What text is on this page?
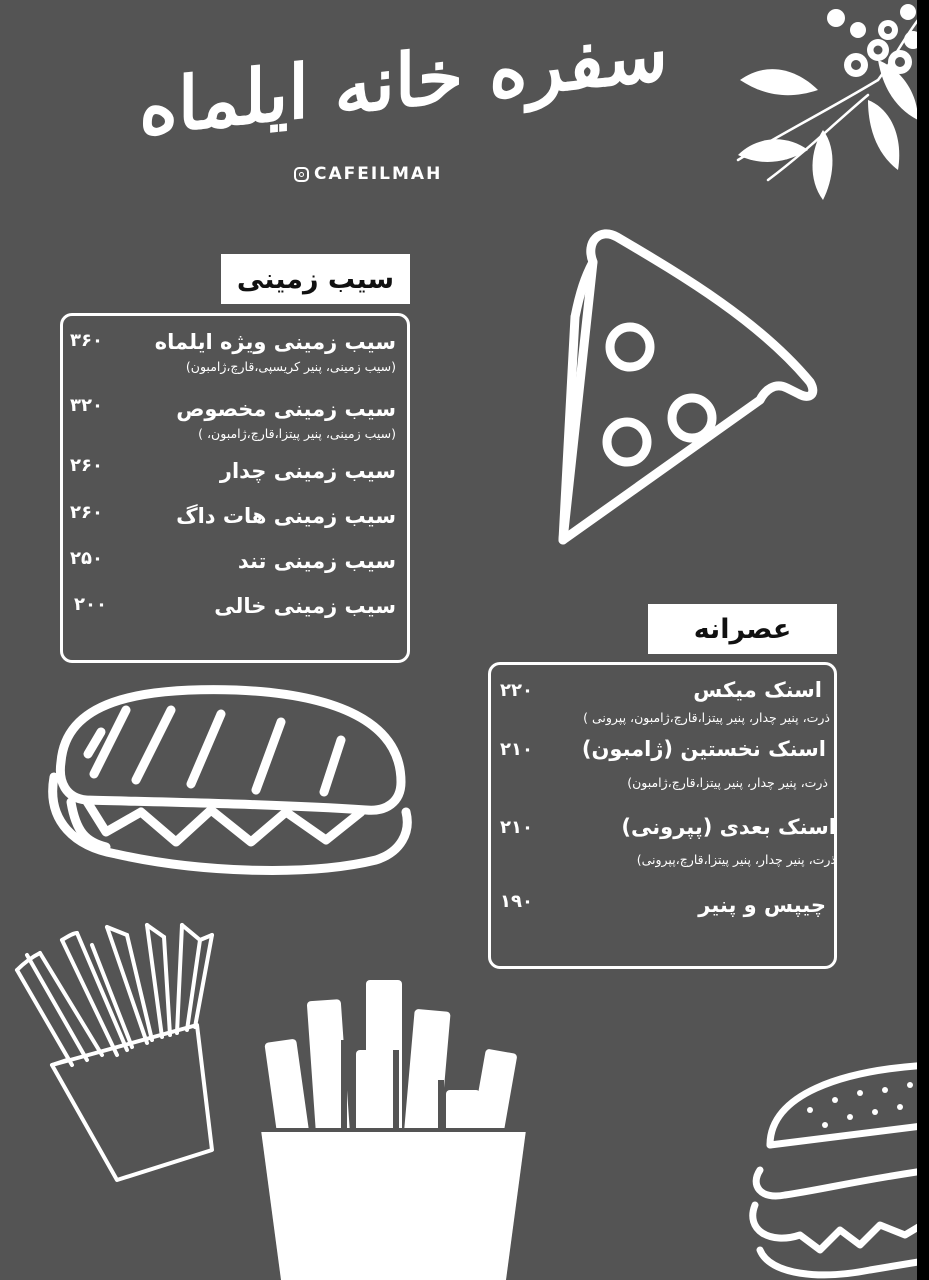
سفره خانه ایلماه
CAFEILMAH
سیب زمینی
سیب زمینی ویژه ایلماه
(سیب زمینی، پنیر کریسپی،قارچ،ژامبون)
۳۶۰
سیب زمینی مخصوص
(سیب زمینی، پنیر پیتزا،قارچ،ژامبون، )
۳۲۰
سیب زمینی چدار
۲۶۰
سیب زمینی هات داگ
۲۶۰
سیب زمینی تند
۲۵۰
سیب زمینی خالی
۲۰۰
عصرانه
اسنک میکس
ذرت، پنیر چدار، پنیر پیتزا،قارچ،ژامبون، پپرونی )
۲۲۰
اسنک نخستین (ژامبون)
ذرت، پنیر چدار، پنیر پیتزا،قارچ،ژامبون)
۲۱۰
اسنک بعدی (پپرونی)
ذرت، پنیر چدار، پنیر پیتزا،قارچ،پپرونی)
۲۱۰
چیپس و پنیر
۱۹۰
